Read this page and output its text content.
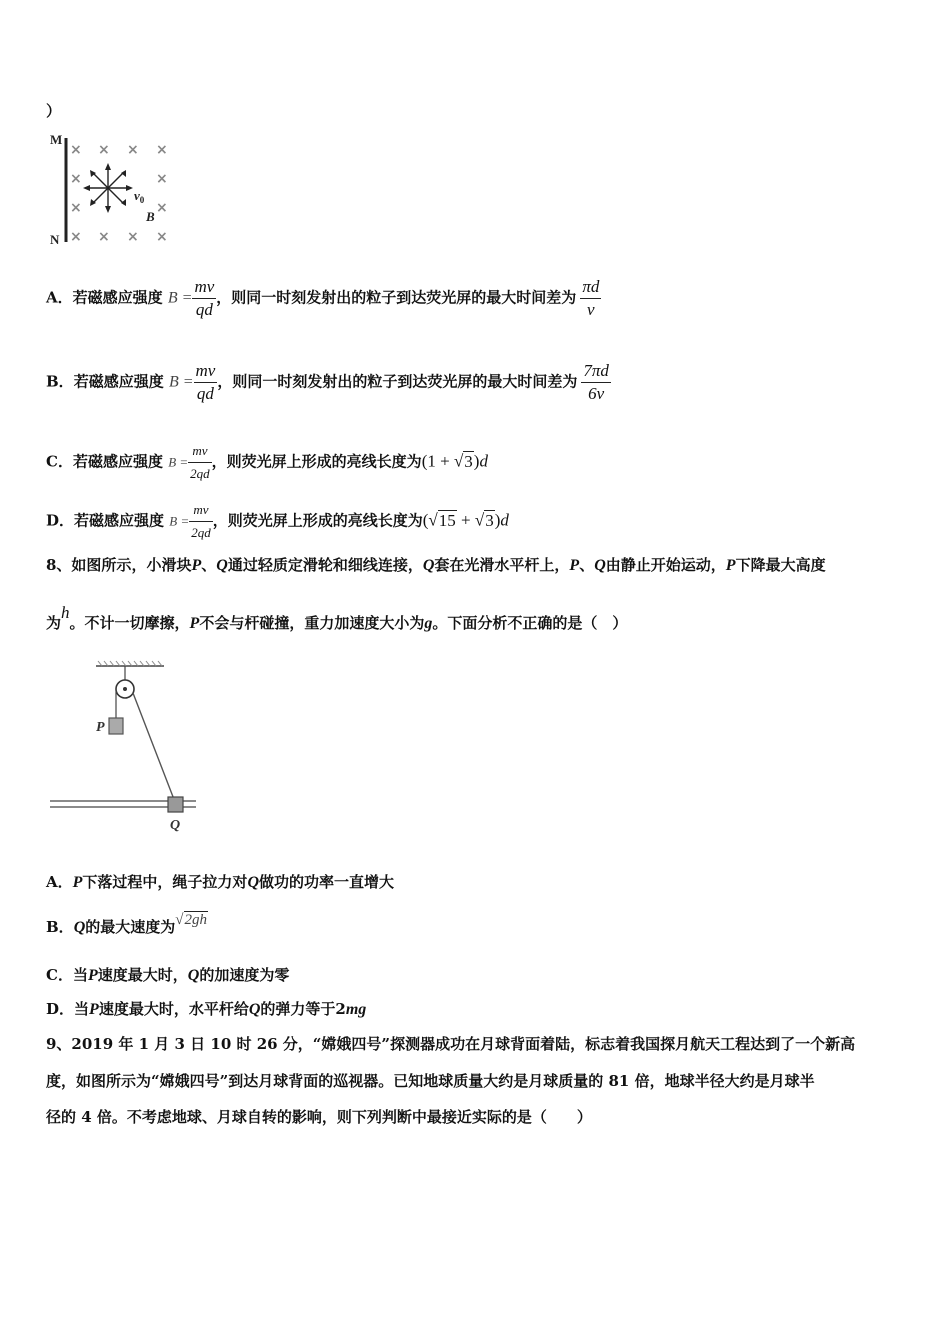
）
M
N
× × × ×
×	×
×	×
× × × ×
$v_0$
B
A．若磁感应强度 $B = \frac{mv}{qd}$ ，则同一时刻发射出的粒子到达荧光屏的最大时间差为 $\frac{\pi d}{v}$
B．若磁感应强度 $B = \frac{mv}{qd}$ ，则同一时刻发射出的粒子到达荧光屏的最大时间差为 $\frac{7\pi d}{6v}$
C．若磁感应强度 $B = \frac{mv}{2qd}$ ，则荧光屏上形成的亮线长度为(1 + √3)d
D．若磁感应强度 $B = \frac{mv}{2qd}$ ，则荧光屏上形成的亮线长度为(√15 + √3)d
8、如图所示，小滑块P、Q通过轻质定滑轮和细线连接，Q套在光滑水平杆上，P、Q由静止开始运动，P下降最大高度
为h。不计一切摩擦，P不会与杆碰撞，重力加速度大小为g。下面分析不正确的是（　）
P
Q
A．P下落过程中，绳子拉力对Q做功的功率一直增大
B．Q的最大速度为√2gh
C．当P速度最大时，Q的加速度为零
D．当P速度最大时，水平杆给Q的弹力等于2mg
9、2019 年 1 月 3 日 10 时 26 分，“嫦娥四号”探测器成功在月球背面着陆，标志着我国探月航天工程达到了一个新高
度，如图所示为“嫦娥四号”到达月球背面的巡视器。已知地球质量大约是月球质量的 81 倍，地球半径大约是月球半
径的 4 倍。不考虑地球、月球自转的影响，则下列判断中最接近实际的是（　　）
